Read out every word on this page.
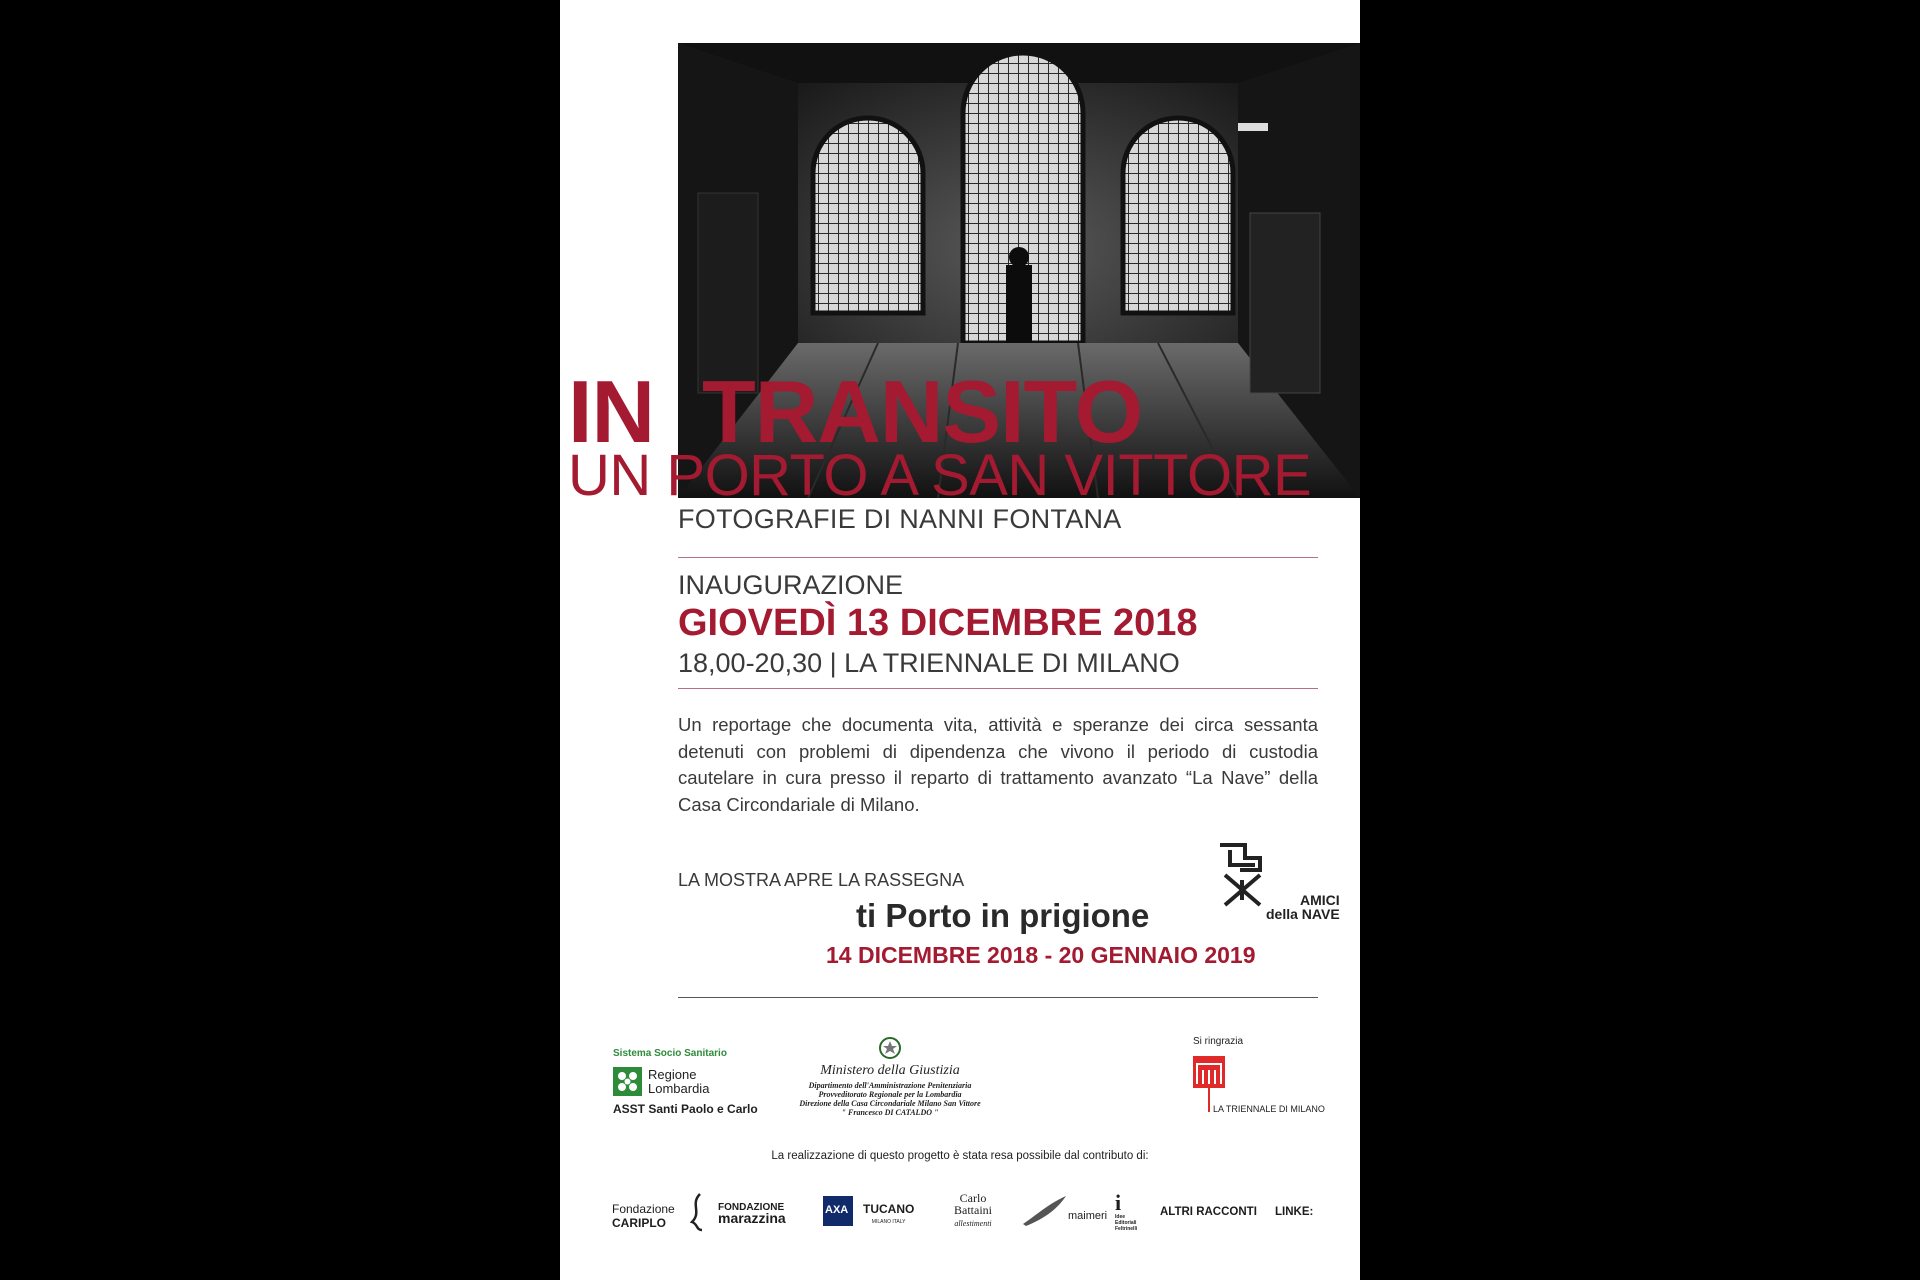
IN TRANSITO
UN PORTO A SAN VITTORE

FOTOGRAFIE DI NANNI FONTANA

INAUGURAZIONE

GIOVEDÌ 13 DICEMBRE 2018

18,00-20,30 | LA TRIENNALE DI MILANO

Un reportage che documenta vita, attività e speranze dei circa sessanta detenuti con problemi di dipendenza che vivono il periodo di custodia cautelare in cura presso il reparto di trattamento avanzato “La Nave” della Casa Circondariale di Milano.

LA MOSTRA APRE LA RASSEGNA

ti Porto in prigione

14 DICEMBRE 2018 - 20 GENNAIO 2019

AMICI
della NAVE

Sistema Socio Sanitario

Regione
Lombardia

ASST Santi Paolo e Carlo

Ministero della Giustizia

Dipartimento dell'Amministrazione Penitenziaria
Provveditorato Regionale per la Lombardia
Direzione della Casa Circondariale Milano San Vittore
" Francesco DI CATALDO "

Si ringrazia

LA TRIENNALE DI MILANO

La realizzazione di questo progetto è stata resa possibile dal contributo di:

Fondazione
CARIPLO

FONDAZIONE
marazzina	AXA TUCANO
MILANO ITALY

Carlo
Battaini
allestimenti

maimeri

i

Idee
Editoriali
Feltrinelli

ALTRI RACCONTI LINKE:
